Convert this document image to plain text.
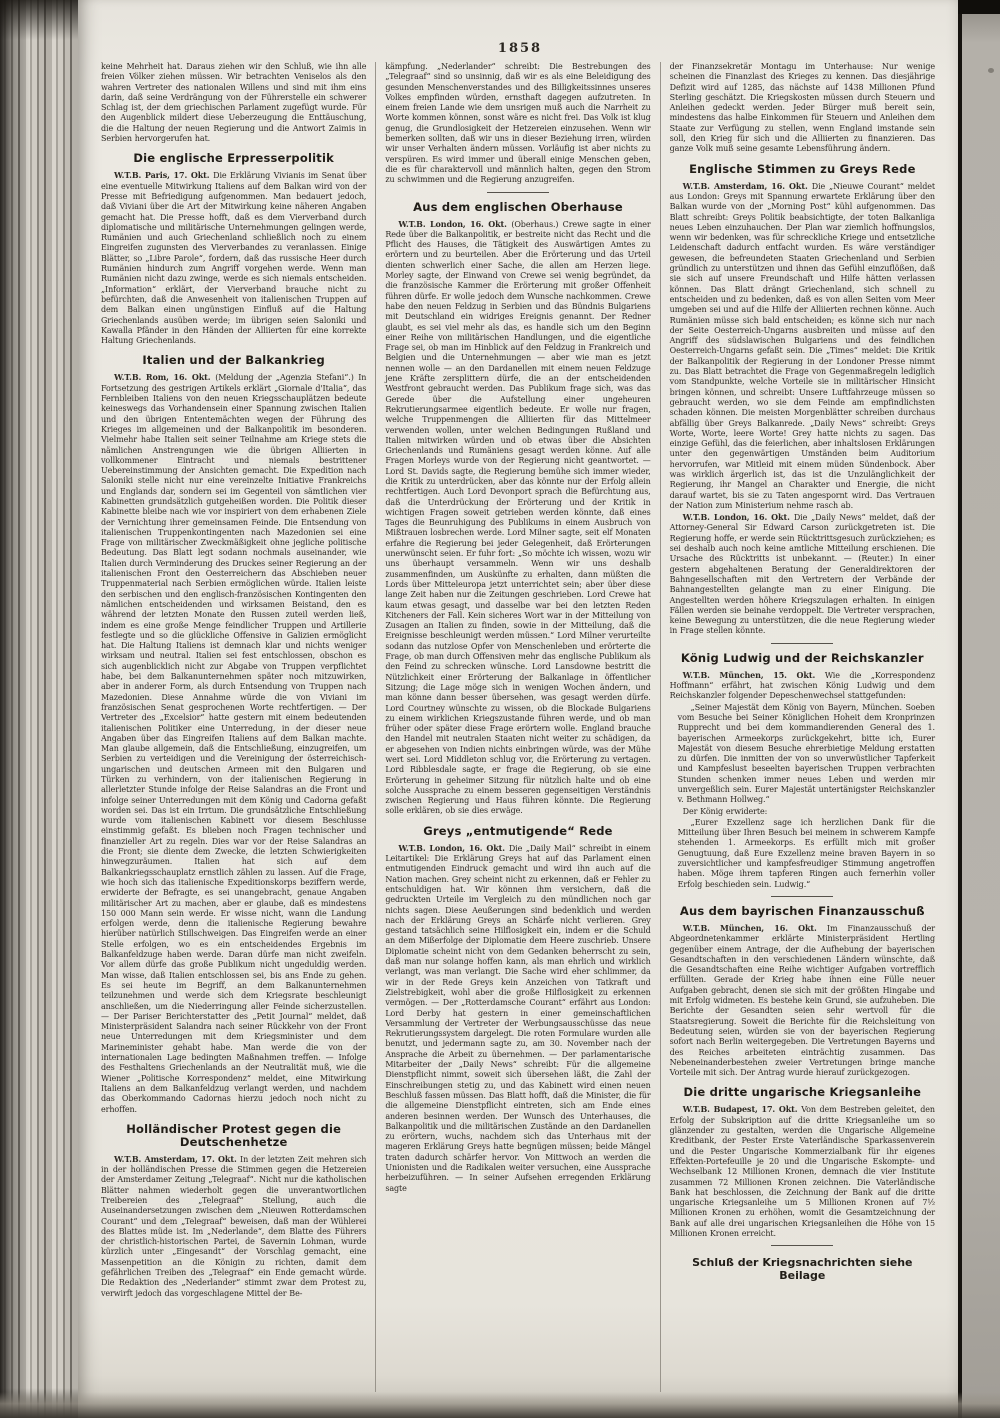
1858

keine Mehrheit hat. Daraus ziehen wir den Schluß, wie ihn alle freien Völker ziehen müssen. Wir betrachten Veniselos als den wahren Vertreter des nationalen Willens und sind mit ihm eins darin, daß seine Verdrängung von der Führerstelle ein schwerer Schlag ist, der dem griechischen Parlament zugefügt wurde. Für den Augenblick mildert diese Ueberzeugung die Enttäuschung, die die Haltung der neuen Regierung und die Antwort Zaimis in Serbien hervorgerufen hat.

Die englische Erpresserpolitik

W.T.B. Paris, 17. Okt. Die Erklärung Vivianis im Senat über eine eventuelle Mitwirkung Italiens auf dem Balkan wird von der Presse mit Befriedigung aufgenommen. Man bedauert jedoch, daß Viviani über die Art der Mitwirkung keine näheren Angaben gemacht hat. Die Presse hofft, daß es dem Vierverband durch diplomatische und militärische Unternehmungen gelingen werde, Rumänien und auch Griechenland schließlich noch zu einem Eingreifen zugunsten des Vierverbandes zu veranlassen. Einige Blätter, so „Libre Parole“, fordern, daß das russische Heer durch Rumänien hindurch zum Angriff vorgehen werde. Wenn man Rumänien nicht dazu zwinge, werde es sich niemals entscheiden. „Information“ erklärt, der Vierverband brauche nicht zu befürchten, daß die Anwesenheit von italienischen Truppen auf dem Balkan einen ungünstigen Einfluß auf die Haltung Griechenlands ausüben werde; im übrigen seien Saloniki und Kawalla Pfänder in den Händen der Alliierten für eine korrekte Haltung Griechenlands.

Italien und der Balkankrieg

W.T.B. Rom, 16. Okt. (Meldung der „Agenzia Stefani“.) In Fortsetzung des gestrigen Artikels erklärt „Giornale d'Italia“, das Fernbleiben Italiens von den neuen Kriegsschauplätzen bedeute keineswegs das Vorhandensein einer Spannung zwischen Italien und den übrigen Ententemächten wegen der Führung des Krieges im allgemeinen und der Balkanpolitik im besonderen. Vielmehr habe Italien seit seiner Teilnahme am Kriege stets die nämlichen Anstrengungen wie die übrigen Alliierten in vollkommener Eintracht und niemals bestrittener Uebereinstimmung der Ansichten gemacht. Die Expedition nach Saloniki stelle nicht nur eine vereinzelte Initiative Frankreichs und Englands dar, sondern sei im Gegenteil von sämtlichen vier Kabinetten grundsätzlich gutgeheißen worden. Die Politik dieser Kabinette bleibe nach wie vor inspiriert von dem erhabenen Ziele der Vernichtung ihrer gemeinsamen Feinde. Die Entsendung von italienischen Truppenkontingenten nach Mazedonien sei eine Frage von militärischer Zweckmäßigkeit ohne jegliche politische Bedeutung. Das Blatt legt sodann nochmals auseinander, wie Italien durch Verminderung des Druckes seiner Regierung an der italienischen Front den Oesterreichern das Abschieben neuer Truppenmaterial nach Serbien ermöglichen würde. Italien leiste den serbischen und den englisch-französischen Kontingenten den nämlichen entscheidenden und wirksamen Beistand, den es während der letzten Monate den Russen zuteil werden ließ, indem es eine große Menge feindlicher Truppen und Artillerie festlegte und so die glückliche Offensive in Galizien ermöglicht hat. Die Haltung Italiens ist demnach klar und nichts weniger wirksam und neutral. Italien sei fest entschlossen, obschon es sich augenblicklich nicht zur Abgabe von Truppen verpflichtet habe, bei dem Balkanunternehmen später noch mitzuwirken, aber in anderer Form, als durch Entsendung von Truppen nach Mazedonien. Diese Annahme würde die von Viviani im französischen Senat gesprochenen Worte rechtfertigen. — Der Vertreter des „Excelsior“ hatte gestern mit einem bedeutenden italienischen Politiker eine Unterredung, in der dieser neue Angaben über das Eingreifen Italiens auf dem Balkan machte. Man glaube allgemein, daß die Entschließung, einzugreifen, um Serbien zu verteidigen und die Vereinigung der österreichisch-ungarischen und deutschen Armeen mit den Bulgaren und Türken zu verhindern, von der italienischen Regierung in allerletzter Stunde infolge der Reise Salandras an die Front und infolge seiner Unterredungen mit dem König und Cadorna gefaßt worden sei. Das ist ein Irrtum. Die grundsätzliche Entschließung wurde vom italienischen Kabinett vor diesem Beschlusse einstimmig gefaßt. Es blieben noch Fragen technischer und finanzieller Art zu regeln. Dies war vor der Reise Salandras an die Front; sie diente dem Zwecke, die letzten Schwierigkeiten hinwegzuräumen. Italien hat sich auf dem Balkankriegsschauplatz ernstlich zählen zu lassen. Auf die Frage, wie hoch sich das italienische Expeditionskorps beziffern werde, erwiderte der Befragte, es sei unangebracht, genaue Angaben militärischer Art zu machen, aber er glaube, daß es mindestens 150 000 Mann sein werde. Er wisse nicht, wann die Landung erfolgen werde, denn die italienische Regierung bewahre hierüber natürlich Stillschweigen. Das Eingreifen werde an einer Stelle erfolgen, wo es ein entscheidendes Ergebnis im Balkanfeldzuge haben werde. Daran dürfe man nicht zweifeln. Vor allem dürfe das große Publikum nicht ungeduldig werden. Man wisse, daß Italien entschlossen sei, bis ans Ende zu gehen. Es sei heute im Begriff, an dem Balkanunternehmen teilzunehmen und werde sich dem Kriegsrate beschleunigt anschließen, um die Niederringung aller Feinde sicherzustellen. — Der Pariser Berichterstatter des „Petit Journal“ meldet, daß Ministerpräsident Salandra nach seiner Rückkehr von der Front neue Unterredungen mit dem Kriegsminister und dem Marineminister gehabt habe. Man werde die von der internationalen Lage bedingten Maßnahmen treffen. — Infolge des Festhaltens Griechenlands an der Neutralität muß, wie die Wiener „Politische Korrespondenz“ meldet, eine Mitwirkung Italiens an dem Balkanfeldzug verlangt werden, und nachdem das Oberkommando Cadornas hierzu jedoch noch nicht zu erhoffen.

Holländischer Protest gegen die Deutschenhetze

W.T.B. Amsterdam, 17. Okt. In der letzten Zeit mehren sich in der holländischen Presse die Stimmen gegen die Hetzereien der Amsterdamer Zeitung „Telegraaf“. Nicht nur die katholischen Blätter nahmen wiederholt gegen die unverantwortlichen Treibereien des „Telegraaf“ Stellung, auch die Auseinandersetzungen zwischen dem „Nieuwen Rotterdamschen Courant“ und dem „Telegraaf“ beweisen, daß man der Wühlerei des Blattes müde ist. Im „Nederlande“, dem Blatte des Führers der christlich-historischen Partei, de Savernin Lohman, wurde kürzlich unter „Eingesandt“ der Vorschlag gemacht, eine Massenpetition an die Königin zu richten, damit dem gefährlichen Treiben des „Telegraaf“ ein Ende gemacht würde. Die Redaktion des „Nederlander“ stimmt zwar dem Protest zu, verwirft jedoch das vorgeschlagene Mittel der Be-

kämpfung. „Nederlander“ schreibt: Die Bestrebungen des „Telegraaf“ sind so unsinnig, daß wir es als eine Beleidigung des gesunden Menschenverstandes und des Billigkeitssinnes unseres Volkes empfinden würden, ernsthaft dagegen aufzutreten. In einem freien Lande wie dem unsrigen muß auch die Narrheit zu Worte kommen können, sonst wäre es nicht frei. Das Volk ist klug genug, die Grundlosigkeit der Hetzereien einzusehen. Wenn wir bemerken sollten, daß wir uns in dieser Beziehung irren, würden wir unser Verhalten ändern müssen. Vorläufig ist aber nichts zu verspüren. Es wird immer und überall einige Menschen geben, die es für charaktervoll und männlich halten, gegen den Strom zu schwimmen und die Regierung anzugreifen.

Aus dem englischen Oberhause

W.T.B. London, 16. Okt. (Oberhaus.) Crewe sagte in einer Rede über die Balkanpolitik, er bestreite nicht das Recht und die Pflicht des Hauses, die Tätigkeit des Auswärtigen Amtes zu erörtern und zu beurteilen. Aber die Erörterung und das Urteil dienten schwerlich einer Sache, die allen am Herzen liege. Morley sagte, der Einwand von Crewe sei wenig begründet, da die französische Kammer die Erörterung mit großer Offenheit führen dürfe. Er wolle jedoch dem Wunsche nachkommen. Crewe habe den neuen Feldzug in Serbien und das Bündnis Bulgariens mit Deutschland ein widriges Ereignis genannt. Der Redner glaubt, es sei viel mehr als das, es handle sich um den Beginn einer Reihe von militärischen Handlungen, und die eigentliche Frage sei, ob man im Hinblick auf den Feldzug in Frankreich und Belgien und die Unternehmungen — aber wie man es jetzt nennen wolle — an den Dardanellen mit einem neuen Feldzuge jene Kräfte zersplittern dürfe, die an der entscheidenden Westfront gebraucht werden. Das Publikum frage sich, was das Gerede über die Aufstellung einer ungeheuren Rekrutierungsarmee eigentlich bedeute. Er wolle nur fragen, welche Truppenmengen die Alliierten für das Mittelmeer verwenden wollen, unter welchen Bedingungen Rußland und Italien mitwirken würden und ob etwas über die Absichten Griechenlands und Rumäniens gesagt werden könne. Auf alle Fragen Morleys wurde von der Regierung nicht geantwortet. — Lord St. Davids sagte, die Regierung bemühe sich immer wieder, die Kritik zu unterdrücken, aber das könnte nur der Erfolg allein rechtfertigen. Auch Lord Devonport sprach die Befürchtung aus, daß die Unterdrückung der Erörterung und der Kritik in wichtigen Fragen soweit getrieben werden könnte, daß eines Tages die Beunruhigung des Publikums in einem Ausbruch von Mißtrauen losbrechen werde. Lord Milner sagte, seit elf Monaten erfahre die Regierung bei jeder Gelegenheit, daß Erörterungen unerwünscht seien. Er fuhr fort: „So möchte ich wissen, wozu wir uns überhaupt versammeln. Wenn wir uns deshalb zusammenfinden, um Auskünfte zu erhalten, dann müßten die Lords über Mitteleuropa jetzt unterrichtet sein; aber über diese lange Zeit haben nur die Zeitungen geschrieben. Lord Crewe hat kaum etwas gesagt, und dasselbe war bei den letzten Reden Kitcheners der Fall. Kein sicheres Wort war in der Mitteilung von Zusagen an Italien zu finden, sowie in der Mitteilung, daß die Ereignisse beschleunigt werden müssen.“ Lord Milner verurteilte sodann das nutzlose Opfer von Menschenleben und erörterte die Frage, ob man durch Offensiven mehr das englische Publikum als den Feind zu schrecken wünsche. Lord Lansdowne bestritt die Nützlichkeit einer Erörterung der Balkanlage in öffentlicher Sitzung; die Lage möge sich in wenigen Wochen ändern, und man könne dann besser übersehen, was gesagt werden dürfe. Lord Courtney wünschte zu wissen, ob die Blockade Bulgariens zu einem wirklichen Kriegszustande führen werde, und ob man früher oder später diese Frage erörtern wolle. England brauche den Handel mit neutralen Staaten nicht weiter zu schädigen, da er abgesehen von Indien nichts einbringen würde, was der Mühe wert sei. Lord Middleton schlug vor, die Erörterung zu vertagen. Lord Ribblesdale sagte, er frage die Regierung, ob sie eine Erörterung in geheimer Sitzung für nützlich halte und ob eine solche Aussprache zu einem besseren gegenseitigen Verständnis zwischen Regierung und Haus führen könnte. Die Regierung solle erklären, ob sie dies erwäge.

Greys „entmutigende“ Rede

W.T.B. London, 16. Okt. Die „Daily Mail“ schreibt in einem Leitartikel: Die Erklärung Greys hat auf das Parlament einen entmutigenden Eindruck gemacht und wird ihn auch auf die Nation machen. Grey scheint nicht zu erkennen, daß er Fehler zu entschuldigen hat. Wir können ihm versichern, daß die gedruckten Urteile im Vergleich zu den mündlichen noch gar nichts sagen. Diese Aeußerungen sind bedenklich und werden nach der Erklärung Greys an Schärfe nicht verlieren. Grey gestand tatsächlich seine Hilflosigkeit ein, indem er die Schuld an dem Mißerfolge der Diplomatie dem Heere zuschrieb. Unsere Diplomatie scheint nicht von dem Gedanken beherrscht zu sein, daß man nur solange hoffen kann, als man ehrlich und wirklich verlangt, was man verlangt. Die Sache wird eher schlimmer, da wir in der Rede Greys kein Anzeichen von Tatkraft und Zielstrebigkeit, wohl aber die große Hilflosigkeit zu erkennen vermögen. — Der „Rotterdamsche Courant“ erfährt aus London: Lord Derby hat gestern in einer gemeinschaftlichen Versammlung der Vertreter der Werbungsausschüsse das neue Rekrutierungssystem dargelegt. Die roten Formulare wurden alle benutzt, und jedermann sagte zu, am 30. November nach der Ansprache die Arbeit zu übernehmen. — Der parlamentarische Mitarbeiter der „Daily News“ schreibt: Für die allgemeine Dienstpflicht nimmt, soweit sich übersehen läßt, die Zahl der Einschreibungen stetig zu, und das Kabinett wird einen neuen Beschluß fassen müssen. Das Blatt hofft, daß die Minister, die für die allgemeine Dienstpflicht eintreten, sich am Ende eines anderen besinnen werden. Der Wunsch des Unterhauses, die Balkanpolitik und die militärischen Zustände an den Dardanellen zu erörtern, wuchs, nachdem sich das Unterhaus mit der mageren Erklärung Greys hatte begnügen müssen; beide Mängel traten dadurch schärfer hervor. Von Mittwoch an werden die Unionisten und die Radikalen weiter versuchen, eine Aussprache herbeizuführen. — In seiner Aufsehen erregenden Erklärung sagte

der Finanzsekretär Montagu im Unterhause: Nur wenige scheinen die Finanzlast des Krieges zu kennen. Das diesjährige Defizit wird auf 1285, das nächste auf 1438 Millionen Pfund Sterling geschätzt. Die Kriegskosten müssen durch Steuern und Anleihen gedeckt werden. Jeder Bürger muß bereit sein, mindestens das halbe Einkommen für Steuern und Anleihen dem Staate zur Verfügung zu stellen, wenn England imstande sein soll, den Krieg für sich und die Alliierten zu finanzieren. Das ganze Volk muß seine gesamte Lebensführung ändern.

Englische Stimmen zu Greys Rede

W.T.B. Amsterdam, 16. Okt. Die „Nieuwe Courant“ meldet aus London: Greys mit Spannung erwartete Erklärung über den Balkan wurde von der „Morning Post“ kühl aufgenommen. Das Blatt schreibt: Greys Politik beabsichtigte, der toten Balkanliga neues Leben einzuhauchen. Der Plan war ziemlich hoffnungslos, wenn wir bedenken, was für schreckliche Kriege und entsetzliche Leidenschaft dadurch entfacht wurden. Es wäre verständiger gewesen, die befreundeten Staaten Griechenland und Serbien gründlich zu unterstützen und ihnen das Gefühl einzuflößen, daß sie sich auf unsere Freundschaft und Hilfe hätten verlassen können. Das Blatt drängt Griechenland, sich schnell zu entscheiden und zu bedenken, daß es von allen Seiten vom Meer umgeben sei und auf die Hilfe der Alliierten rechnen könne. Auch Rumänien müsse sich bald entscheiden; es könne sich nur nach der Seite Oesterreich-Ungarns ausbreiten und müsse auf den Angriff des südslawischen Bulgariens und des feindlichen Oesterreich-Ungarns gefaßt sein. Die „Times“ meldet: Die Kritik der Balkanpolitik der Regierung in der Londoner Presse nimmt zu. Das Blatt betrachtet die Frage von Gegenmaßregeln lediglich vom Standpunkte, welche Vorteile sie in militärischer Hinsicht bringen können, und schreibt: Unsere Luftfahrzeuge müssen so gebraucht werden, wo sie dem Feinde am empfindlichsten schaden können. Die meisten Morgenblätter schreiben durchaus abfällig über Greys Balkanrede. „Daily News“ schreibt: Greys Worte, Worte, leere Worte! Grey hatte nichts zu sagen. Das einzige Gefühl, das die feierlichen, aber inhaltslosen Erklärungen unter den gegenwärtigen Umständen beim Auditorium hervorrufen, war Mitleid mit einem müden Sündenbock. Aber was wirklich ärgerlich ist, das ist die Unzulänglichkeit der Regierung, ihr Mangel an Charakter und Energie, die nicht darauf wartet, bis sie zu Taten angespornt wird. Das Vertrauen der Nation zum Ministerium nehme rasch ab.

W.T.B. London, 16. Okt. Die „Daily News“ meldet, daß der Attorney-General Sir Edward Carson zurückgetreten ist. Die Regierung hoffe, er werde sein Rücktrittsgesuch zurückziehen; es sei deshalb auch noch keine amtliche Mitteilung erschienen. Die Ursache des Rücktritts ist unbekannt. — (Reuter.) In einer gestern abgehaltenen Beratung der Generaldirektoren der Bahngesellschaften mit den Vertretern der Verbände der Bahnangestellten gelangte man zu einer Einigung. Die Angestellten werden höhere Kriegszulagen erhalten. In einigen Fällen werden sie beinahe verdoppelt. Die Vertreter versprachen, keine Bewegung zu unterstützen, die die neue Regierung wieder in Frage stellen könnte.

König Ludwig und der Reichskanzler

W.T.B. München, 15. Okt. Wie die „Korrespondenz Hoffmann“ erfährt, hat zwischen König Ludwig und dem Reichskanzler folgender Depeschenwechsel stattgefunden:

„Seiner Majestät dem König von Bayern, München. Soeben vom Besuche bei Seiner Königlichen Hoheit dem Kronprinzen Rupprecht und bei dem kommandierenden General des 1. bayerischen Armeekorps zurückgekehrt, bitte ich, Eurer Majestät von diesem Besuche ehrerbietige Meldung erstatten zu dürfen. Die inmitten der von so unverwüstlicher Tapferkeit und Kampfeslust beseelten bayerischen Truppen verbrachten Stunden schenken immer neues Leben und werden mir unvergeßlich sein. Eurer Majestät untertänigster Reichskanzler v. Bethmann Hollweg.“

Der König erwiderte:

„Eurer Exzellenz sage ich herzlichen Dank für die Mitteilung über Ihren Besuch bei meinem in schwerem Kampfe stehenden 1. Armeekorps. Es erfüllt mich mit großer Genugtuung, daß Eure Exzellenz meine braven Bayern in so zuversichtlicher und kampfesfreudiger Stimmung angetroffen haben. Möge ihrem tapferen Ringen auch fernerhin voller Erfolg beschieden sein. Ludwig.“

Aus dem bayrischen Finanzausschuß

W.T.B. München, 16. Okt. Im Finanzausschuß der Abgeordnetenkammer erklärte Ministerpräsident Hertling gegenüber einem Antrage, der die Aufhebung der bayerischen Gesandtschaften in den verschiedenen Ländern wünschte, daß die Gesandtschaften eine Reihe wichtiger Aufgaben vortrefflich erfüllten. Gerade der Krieg habe ihnen eine Fülle neuer Aufgaben gebracht, denen sie sich mit der größten Hingabe und mit Erfolg widmeten. Es bestehe kein Grund, sie aufzuheben. Die Berichte der Gesandten seien sehr wertvoll für die Staatsregierung. Soweit die Berichte für die Reichsleitung von Bedeutung seien, würden sie von der bayerischen Regierung sofort nach Berlin weitergegeben. Die Vertretungen Bayerns und des Reiches arbeiteten einträchtig zusammen. Das Nebeneinanderbestehen zweier Vertretungen bringe manche Vorteile mit sich. Der Antrag wurde hierauf zurückgezogen.

Die dritte ungarische Kriegsanleihe

W.T.B. Budapest, 17. Okt. Von dem Bestreben geleitet, den Erfolg der Subskription auf die dritte Kriegsanleihe um so glänzender zu gestalten, werden die Ungarische Allgemeine Kreditbank, der Pester Erste Vaterländische Sparkassenverein und die Pester Ungarische Kommerzialbank für ihr eigenes Effekten-Portefeuille je 20 und die Ungarische Eskompte- und Wechselbank 12 Millionen Kronen, demnach die vier Institute zusammen 72 Millionen Kronen zeichnen. Die Vaterländische Bank hat beschlossen, die Zeichnung der Bank auf die dritte ungarische Kriegsanleihe um 5 Millionen Kronen auf 7½ Millionen Kronen zu erhöhen, womit die Gesamtzeichnung der Bank auf alle drei ungarischen Kriegsanleihen die Höhe von 15 Millionen Kronen erreicht.

Schluß der Kriegsnachrichten siehe Beilage
